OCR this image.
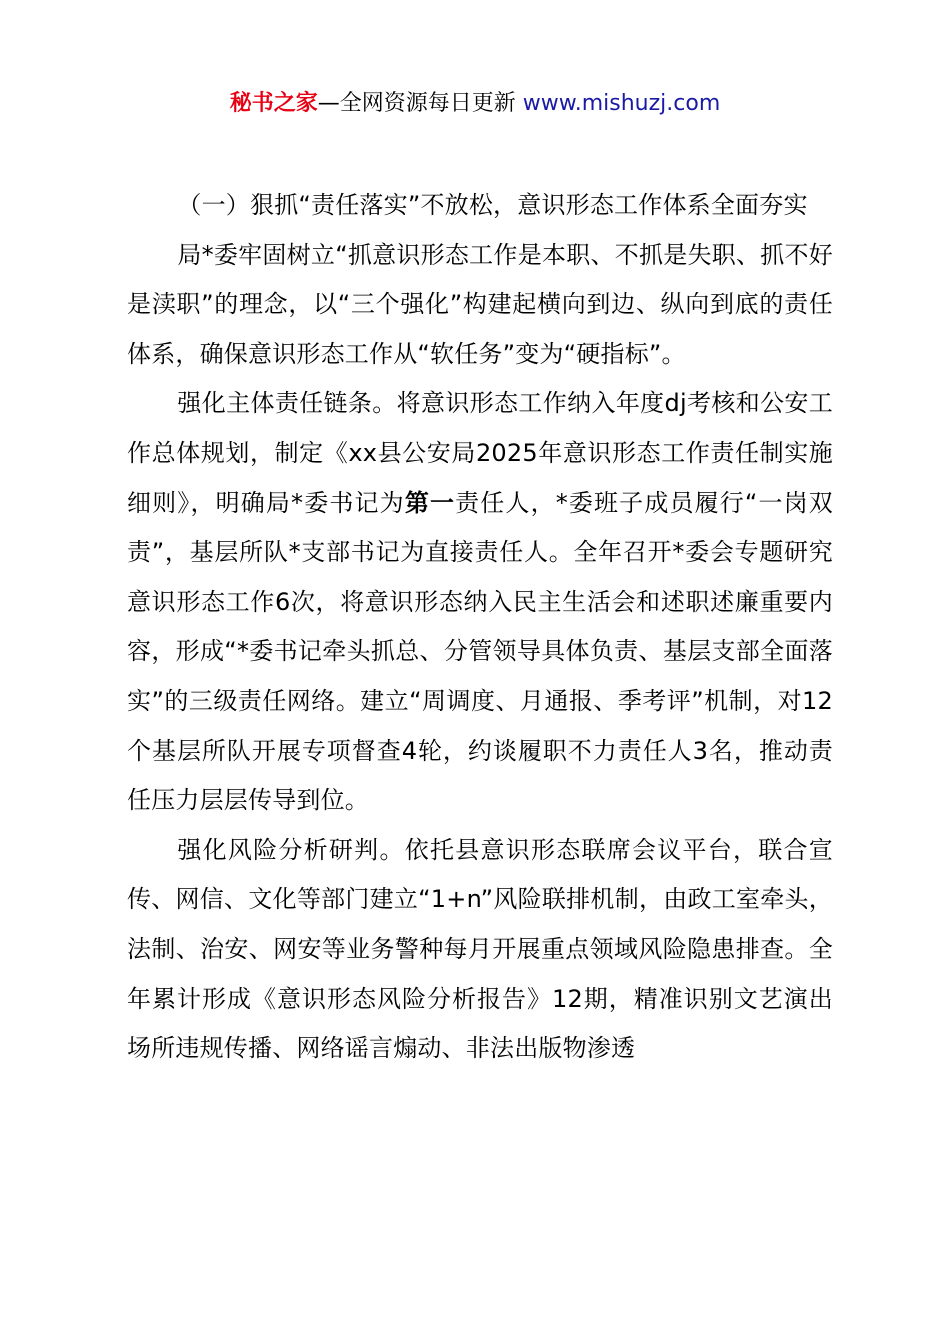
秘书之家—全网资源每日更新 www.mishuzj.com

（一）狠抓“责任落实”不放松，意识形态工作体系全面夯实

局*委牢固树立“抓意识形态工作是本职、不抓是失职、抓不好是渎职”的理念，以“三个强化”构建起横向到边、纵向到底的责任体系，确保意识形态工作从“软任务”变为“硬指标”。

强化主体责任链条。将意识形态工作纳入年度dj考核和公安工作总体规划，制定《xx县公安局2025年意识形态工作责任制实施细则》，明确局*委书记为第一责任人，*委班子成员履行“一岗双责”，基层所队*支部书记为直接责任人。全年召开*委会专题研究意识形态工作6次，将意识形态纳入民主生活会和述职述廉重要内容，形成“*委书记牵头抓总、分管领导具体负责、基层支部全面落实”的三级责任网络。建立“周调度、月通报、季考评”机制，对12个基层所队开展专项督查4轮，约谈履职不力责任人3名，推动责任压力层层传导到位。

强化风险分析研判。依托县意识形态联席会议平台，联合宣传、网信、文化等部门建立“1+n”风险联排机制，由政工室牵头，法制、治安、网安等业务警种每月开展重点领域风险隐患排查。全年累计形成《意识形态风险分析报告》12期，精准识别文艺演出场所违规传播、网络谣言煽动、非法出版物渗透
